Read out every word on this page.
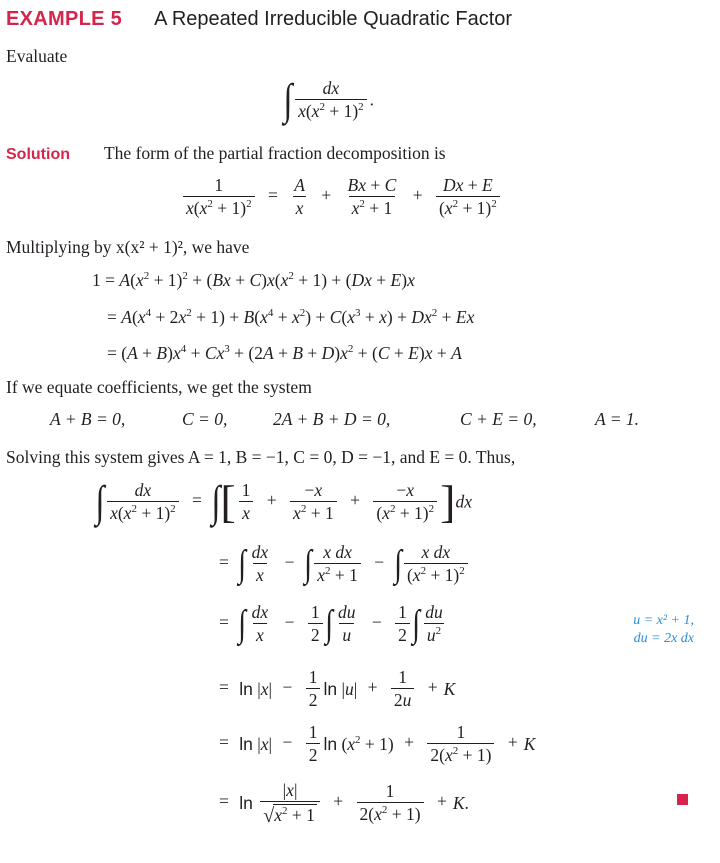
EXAMPLE 5 A Repeated Irreducible Quadratic Factor
Evaluate
∫ $\frac{dx}{x(x^2 + 1)^2}$ .
Solution The form of the partial fraction decomposition is
$\frac{1}{x(x^2 + 1)^2} = \frac{A}{x} + \frac{Bx + C}{x^2 + 1} + \frac{Dx + E}{(x^2 + 1)^2}$
Multiplying by x(x² + 1)², we have
$1 = A(x^2 + 1)^2 + (Bx + C)x(x^2 + 1) + (Dx + E)x$
= $A(x^4 + 2x^2 + 1) + B(x^4 + x^2) + C(x^3 + x) + Dx^2 + Ex$
= $(A + B)x^4 + Cx^3 + (2A + B + D)x^2 + (C + E)x + A$
If we equate coefficients, we get the system
A + B = 0,	C = 0,	2A + B + D = 0,	C + E = 0,	A = 1.
Solving this system gives A = 1, B = −1, C = 0, D = −1, and E = 0. Thus,
∫ $\frac{dx}{x(x^2 + 1)^2}$ = ∫[ $\frac{1}{x} + \frac{-x}{x^2 + 1} + \frac{-x}{(x^2 + 1)^2} ]dx$
= ∫ $\frac{dx}{x}$ − ∫ $\frac{\text{x dx}}{x^2 + 1}$ − ∫ $\frac{\text{x dx}}{(x^2 + 1)^2}$
= ∫ $\frac{dx}{x} - \frac{1}{2}$ ∫ $\frac{du}{u} - \frac{1}{2}$ ∫ $\frac{du}{u^2}$	u = x² + 1,
du = 2x dx
= $\ln |x| - \frac{1}{2}$ $\ln |u| + \frac{1}{2u} + K$
= $\ln |x| - \frac{1}{2}$ $\ln (x^2 + 1) + \frac{1}{2(x^2 + 1)} + K$
= $\ln \frac{|x|}{√ x^2 + 1} + \frac{1}{2(x^2 + 1)} + K$.
